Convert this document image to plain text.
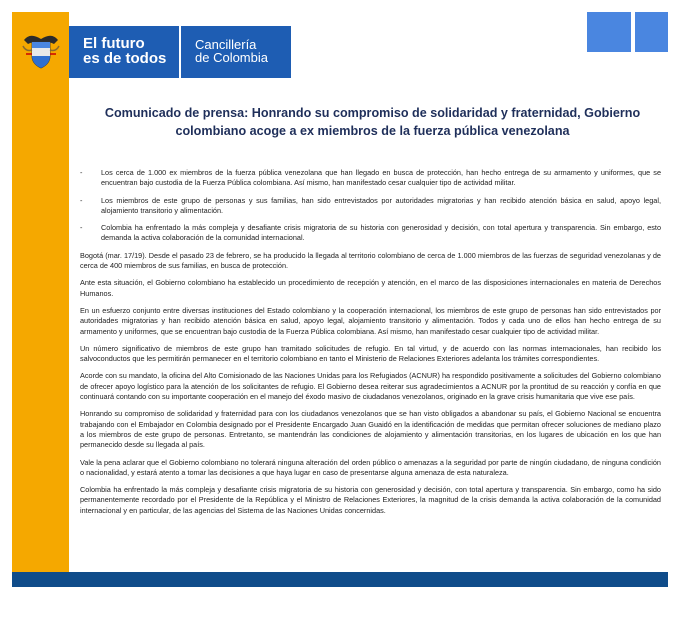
El futuro
es de todos
Cancillería
de Colombia
Comunicado de prensa: Honrando su compromiso de solidaridad y fraternidad, Gobierno
colombiano acoge a ex miembros de la fuerza pública venezolana
-	Los cerca de 1.000 ex miembros de la fuerza pública venezolana que han llegado en busca de protección, han hecho entrega de su armamento y uniformes, que se encuentran bajo custodia de la Fuerza Pública colombiana. Así mismo, han manifestado cesar cualquier tipo de actividad militar.
-	Los miembros de este grupo de personas y sus familias, han sido entrevistados por autoridades migratorias y han recibido atención básica en salud, apoyo legal, alojamiento transitorio y alimentación.
-	Colombia ha enfrentado la más compleja y desafiante crisis migratoria de su historia con generosidad y decisión, con total apertura y transparencia. Sin embargo, esto demanda la activa colaboración de la comunidad internacional.
Bogotá (mar. 17/19). Desde el pasado 23 de febrero, se ha producido la llegada al territorio colombiano de cerca de 1.000 miembros de las fuerzas de seguridad venezolanas y de cerca de 400 miembros de sus familias, en busca de protección.
Ante esta situación, el Gobierno colombiano ha establecido un procedimiento de recepción y atención, en el marco de las disposiciones internacionales en materia de Derechos Humanos.
En un esfuerzo conjunto entre diversas instituciones del Estado colombiano y la cooperación internacional, los miembros de este grupo de personas han sido entrevistados por autoridades migratorias y han recibido atención básica en salud, apoyo legal, alojamiento transitorio y alimentación. Todos y cada uno de ellos han hecho entrega de su armamento y uniformes, que se encuentran bajo custodia de la Fuerza Pública colombiana. Así mismo, han manifestado cesar cualquier tipo de actividad militar.
Un número significativo de miembros de este grupo han tramitado solicitudes de refugio. En tal virtud, y de acuerdo con las normas internacionales, han recibido los salvoconductos que les permitirán permanecer en el territorio colombiano en tanto el Ministerio de Relaciones Exteriores adelanta los trámites correspondientes.
Acorde con su mandato, la oficina del Alto Comisionado de las Naciones Unidas para los Refugiados (ACNUR) ha respondido positivamente a solicitudes del Gobierno colombiano de ofrecer apoyo logístico para la atención de los solicitantes de refugio. El Gobierno desea reiterar sus agradecimientos a ACNUR por la prontitud de su reacción y confía en que continuará contando con su importante cooperación en el manejo del éxodo masivo de ciudadanos venezolanos, originado en la grave crisis humanitaria que vive ese país.
Honrando su compromiso de solidaridad y fraternidad para con los ciudadanos venezolanos que se han visto obligados a abandonar su país, el Gobierno Nacional se encuentra trabajando con el Embajador en Colombia designado por el Presidente Encargado Juan Guaidó en la identificación de medidas que permitan ofrecer soluciones de mediano plazo a los miembros de este grupo de personas. Entretanto, se mantendrán las condiciones de alojamiento y alimentación transitorias, en los lugares de ubicación en los que han permanecido desde su llegada al país.
Vale la pena aclarar que el Gobierno colombiano no tolerará ninguna alteración del orden público o amenazas a la seguridad por parte de ningún ciudadano, de ninguna condición o nacionalidad, y estará atento a tomar las decisiones a que haya lugar en caso de presentarse alguna amenaza de esta naturaleza.
Colombia ha enfrentado la más compleja y desafiante crisis migratoria de su historia con generosidad y decisión, con total apertura y transparencia. Sin embargo, como ha sido permanentemente recordado por el Presidente de la República y el Ministro de Relaciones Exteriores, la magnitud de la crisis demanda la activa colaboración de la comunidad internacional y en particular, de las agencias del Sistema de las Naciones Unidas concernidas.
